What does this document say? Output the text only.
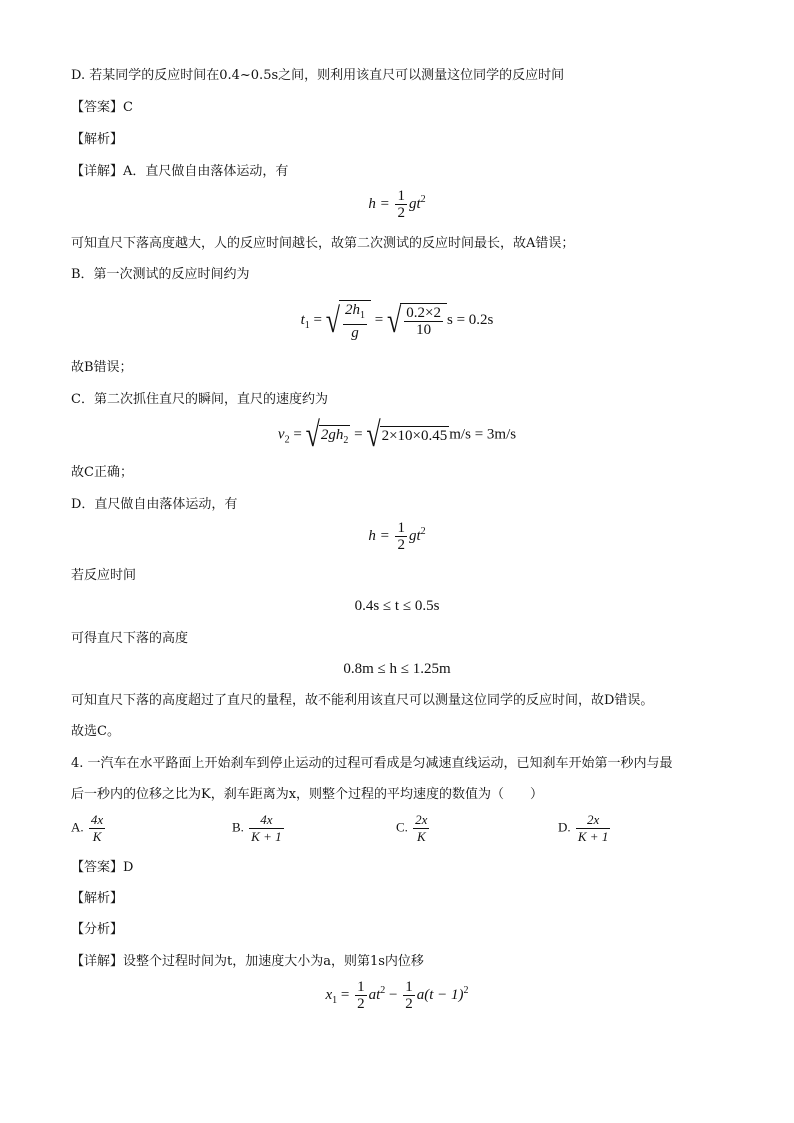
D. 若某同学的反应时间在0.4~0.5s之间，则利用该直尺可以测量这位同学的反应时间
【答案】C
【解析】
【详解】A．直尺做自由落体运动，有
$h = \frac{1}{2} gt^2$
可知直尺下落高度越大，人的反应时间越长，故第二次测试的反应时间最长，故A错误；
B．第一次测试的反应时间约为
$t_1$ = √ $\frac{2h_1}{g}$ = √ $\frac{0.2\times 2}{10}$ s = 0.2s
故B错误；
C．第二次抓住直尺的瞬间，直尺的速度约为
$v_2 = √2gh_2 = √2\times 10\times 0.45$ m/s = 3m/s
故C正确；
D．直尺做自由落体运动，有
$h = \frac{1}{2} gt^2$
若反应时间
0.4s ≤ t ≤ 0.5s
可得直尺下落的高度
0.8m ≤ h ≤ 1.25m
可知直尺下落的高度超过了直尺的量程，故不能利用该直尺可以测量这位同学的反应时间，故D错误。
故选C。
4. 一汽车在水平路面上开始刹车到停止运动的过程可看成是匀减速直线运动，已知刹车开始第一秒内与最
后一秒内的位移之比为K，刹车距离为x，则整个过程的平均速度的数值为（　　）
A. $\frac{4x}{K}$	B. $\frac{4x}{K + 1}$	C. $\frac{2x}{K}$	D. $\frac{2x}{K + 1}$
【答案】D
【解析】
【分析】
【详解】设整个过程时间为t，加速度大小为a，则第1s内位移
$x_1 = \frac{1}{2} at^2 - \frac{1}{2} a(t - 1)^2$
